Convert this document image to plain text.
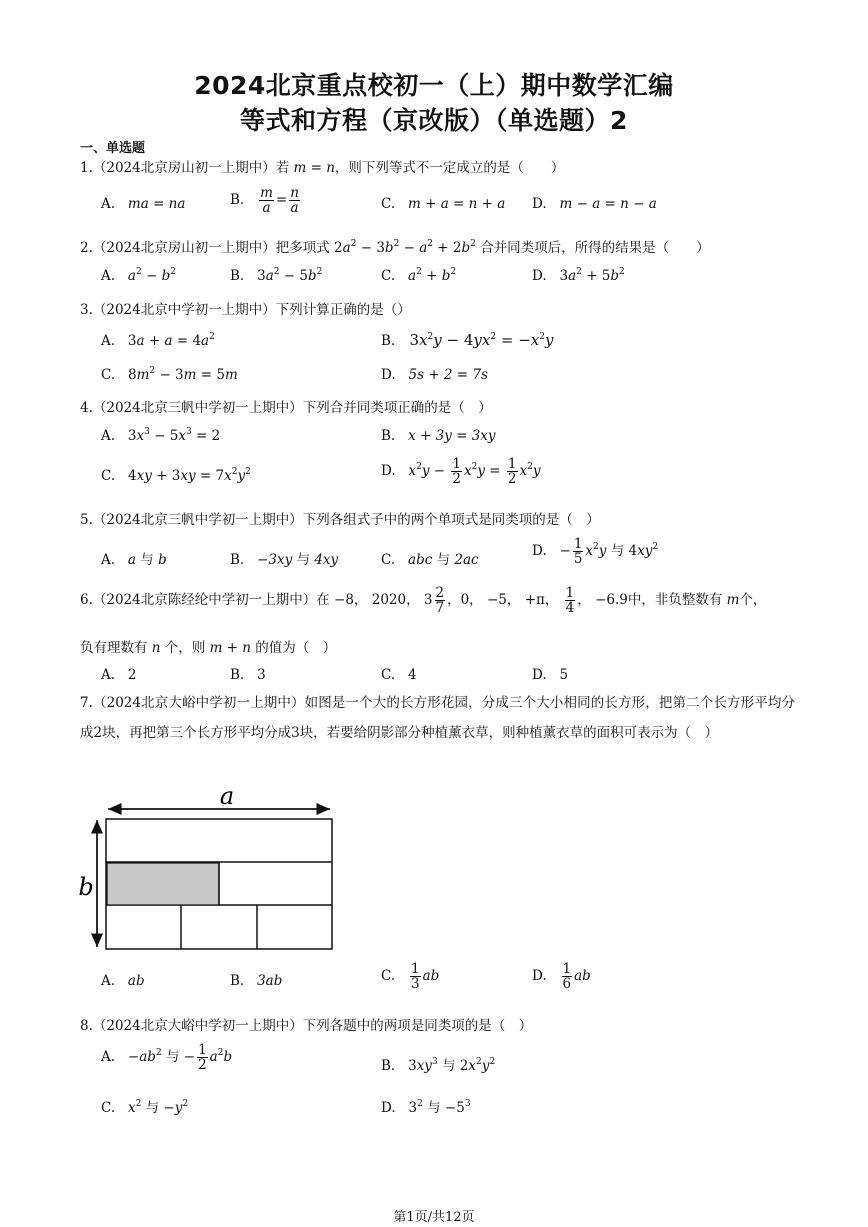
2024北京重点校初一（上）期中数学汇编
等式和方程（京改版）（单选题）2
一、单选题
1.（2024北京房山初一上期中）若 m = n，则下列等式不一定成立的是（　　）
A. ma = na	B. $\frac{m}{a} = \frac{n}{a}$	C. m + a = n + a D. m − a = n − a
2.（2024北京房山初一上期中）把多项式 $2a^2 - 3b^2 - a^2 + 2b^2$ 合并同类项后，所得的结果是（　　）
A. $a^2 - b^2$	B.   $3a^2 - 5b^2$	C. $a^2 + b^2$	D.   $3a^2 + 5b^2$
3.（2024北京中学初一上期中）下列计算正确的是（）
A.   $3a + a = 4a^2$	B.   $3x^2y - 4yx^2 = -x^2y$
C.   $8m^2 - 3m = 5m$	D. 5s + 2 = 7s
4.（2024北京三帆中学初一上期中）下列合并同类项正确的是（　）
A.   $3x^3 - 5x^3 = 2$	B. x + 3y = 3xy
C.   $4xy + 3xy = 7x^2y^2$	D. $x^2y - \frac{1}{2} x^2y = \frac{1}{2} x^2y$
5.（2024北京三帆中学初一上期中）下列各组式子中的两个单项式是同类项的是（　）
A. a 与 b	B. −3xy 与 4xy	C. abc 与 2ac
D.   − $\frac{1}{5} x^2y$ 与 $4xy^2$
6.（2024北京陈经纶中学初一上期中）在 −8， 2020， $3 \frac{2}{7}$ ，0， −5， +π， $\frac{1}{4}$ ， −6.9中，非负整数有 m个，
负有理数有 n 个，则 m + n 的值为（　）
A. 2	B. 3	C. 4	D. 5
7.（2024北京大峪中学初一上期中）如图是一个大的长方形花园，分成三个大小相同的长方形，把第二个长方形平均分成2块，再把第三个长方形平均分成3块，若要给阴影部分种植薰衣草，则种植薰衣草的面积可表示为（　）
a
b
A. ab	B. 3ab	C. $\frac{1}{3}$ ab	D. $\frac{1}{6}$ ab
8.（2024北京大峪中学初一上期中）下列各题中的两项是同类项的是（　）
A.   $-ab^2$ 与 − $\frac{1}{2} a^2b$
B.   $3xy^3$ 与 $2x^2y^2$
C. $x^2$ 与 $-y^2$	D.   $3^2$ 与 $-5^3$
第1页/共12页
